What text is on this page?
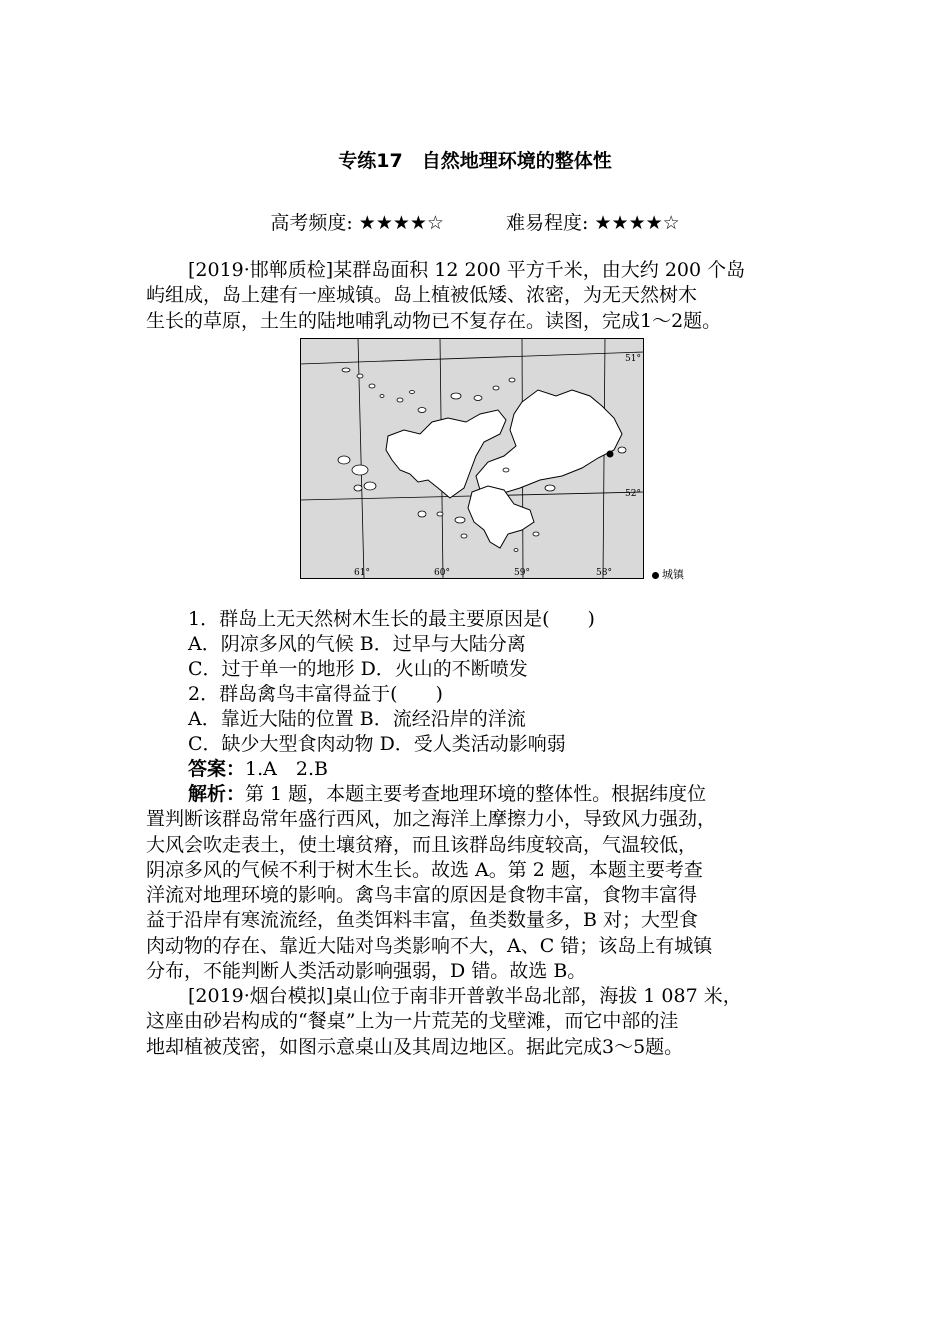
专练17　自然地理环境的整体性
高考频度: ★★★★☆	难易程度: ★★★★☆
[2019·邯郸质检]某群岛面积 12 200 平方千米，由大约 200 个岛
屿组成，岛上建有一座城镇。岛上植被低矮、浓密，为无天然树木
生长的草原，土生的陆地哺乳动物已不复存在。读图，完成1～2题。
51°
52°
61°	60°	59°	58°	城镇
1．群岛上无天然树木生长的最主要原因是(　　)
A．阴凉多风的气候 B．过早与大陆分离
C．过于单一的地形 D．火山的不断喷发
2．群岛禽鸟丰富得益于(　　)
A．靠近大陆的位置 B．流经沿岸的洋流
C．缺少大型食肉动物 D．受人类活动影响弱
答案：1.A　2.B
解析：第 1 题，本题主要考查地理环境的整体性。根据纬度位
置判断该群岛常年盛行西风，加之海洋上摩擦力小，导致风力强劲，
大风会吹走表土，使土壤贫瘠，而且该群岛纬度较高，气温较低，
阴凉多风的气候不利于树木生长。故选 A。第 2 题，本题主要考查
洋流对地理环境的影响。禽鸟丰富的原因是食物丰富，食物丰富得
益于沿岸有寒流流经，鱼类饵料丰富，鱼类数量多，B 对；大型食
肉动物的存在、靠近大陆对鸟类影响不大，A、C 错；该岛上有城镇
分布，不能判断人类活动影响强弱，D 错。故选 B。
[2019·烟台模拟]桌山位于南非开普敦半岛北部，海拔 1 087 米，
这座由砂岩构成的“餐桌”上为一片荒芜的戈壁滩，而它中部的洼
地却植被茂密，如图示意桌山及其周边地区。据此完成3～5题。
